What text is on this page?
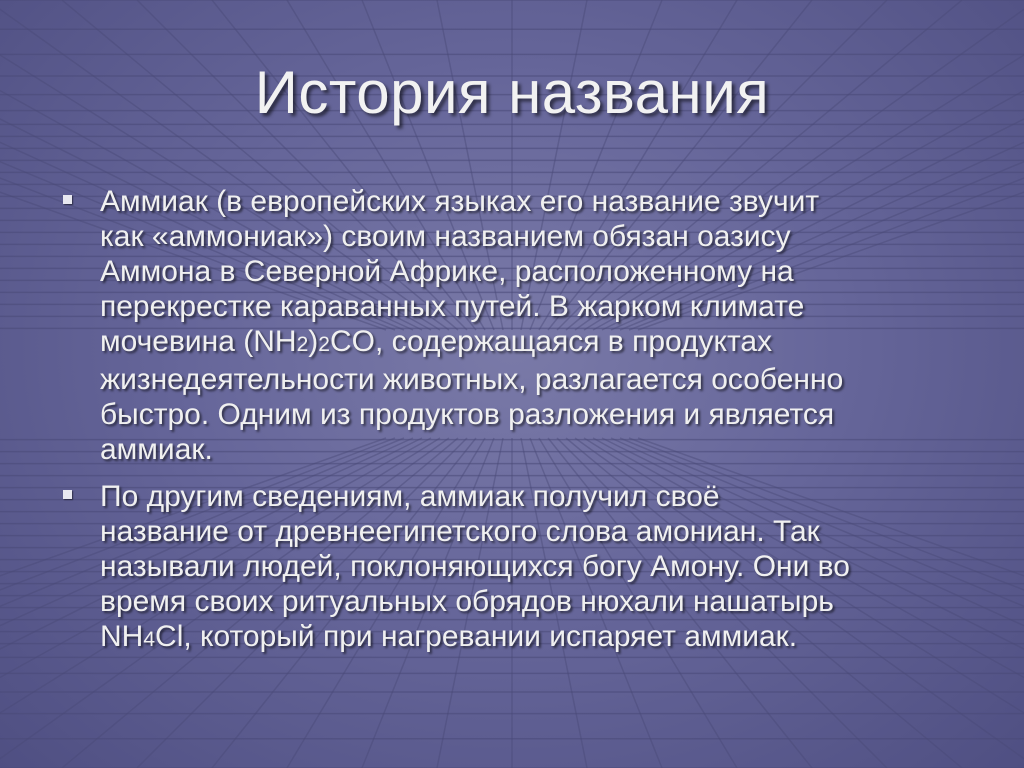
История названия
Аммиак (в европейских языках его название звучит
как «аммониак») своим названием обязан оазису
Аммона в Северной Африке, расположенному на
перекрестке караванных путей. В жарком климате
мочевина (NH2)2CO, содержащаяся в продуктах
жизнедеятельности животных, разлагается особенно
быстро. Одним из продуктов разложения и является
аммиак.
По другим сведениям, аммиак получил своё
название от древнеегипетского слова амониан. Так
называли людей, поклоняющихся богу Амону. Они во
время своих ритуальных обрядов нюхали нашатырь
NH4Cl, который при нагревании испаряет аммиак.
